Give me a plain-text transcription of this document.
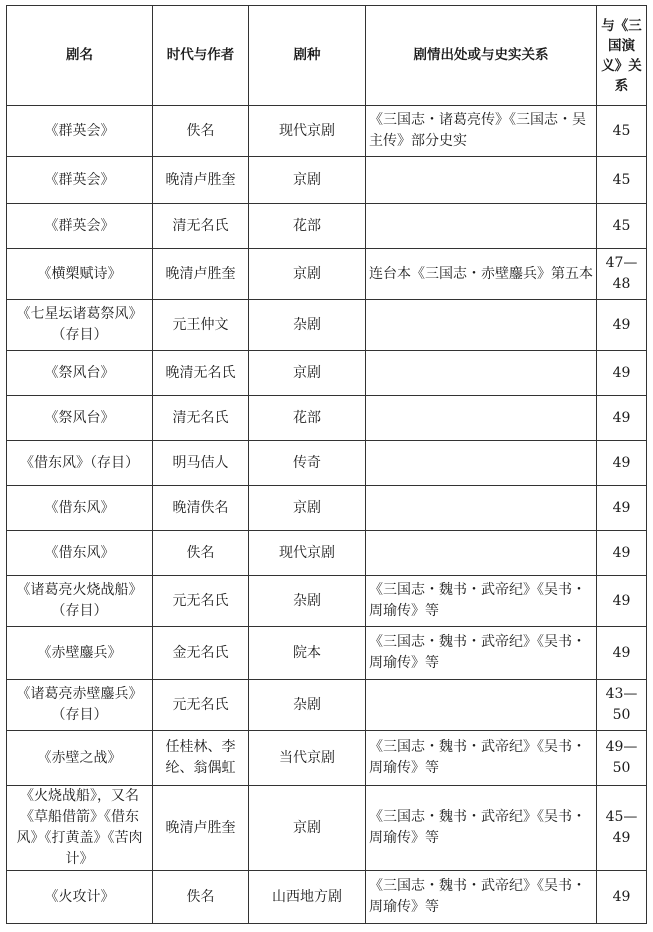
剧名	时代与作者	剧种	剧情出处或与史实关系	与《三国演义》关系
《群英会》	佚名	现代京剧	《三国志・诸葛亮传》《三国志・吴主传》部分史实	45
《群英会》	晚清卢胜奎	京剧		45
《群英会》	清无名氏	花部		45
《横槊赋诗》	晚清卢胜奎	京剧	连台本《三国志・赤壁鏖兵》第五本	47—48
《七星坛诸葛祭风》（存目）	元王仲文	杂剧		49
《祭风台》	晚清无名氏	京剧		49
《祭风台》	清无名氏	花部		49
《借东风》（存目）	明马佶人	传奇		49
《借东风》	晚清佚名	京剧		49
《借东风》	佚名	现代京剧		49
《诸葛亮火烧战船》（存目）	元无名氏	杂剧	《三国志・魏书・武帝纪》《吴书・周瑜传》等	49
《赤壁鏖兵》	金无名氏	院本	《三国志・魏书・武帝纪》《吴书・周瑜传》等	49
《诸葛亮赤壁鏖兵》（存目）	元无名氏	杂剧		43—50
《赤壁之战》	任桂林、李纶、翁偶虹	当代京剧	《三国志・魏书・武帝纪》《吴书・周瑜传》等	49—50
《火烧战船》，又名《草船借箭》《借东风》《打黄盖》《苦肉计》	晚清卢胜奎	京剧	《三国志・魏书・武帝纪》《吴书・周瑜传》等	45—49
《火攻计》	佚名	山西地方剧	《三国志・魏书・武帝纪》《吴书・周瑜传》等	49
